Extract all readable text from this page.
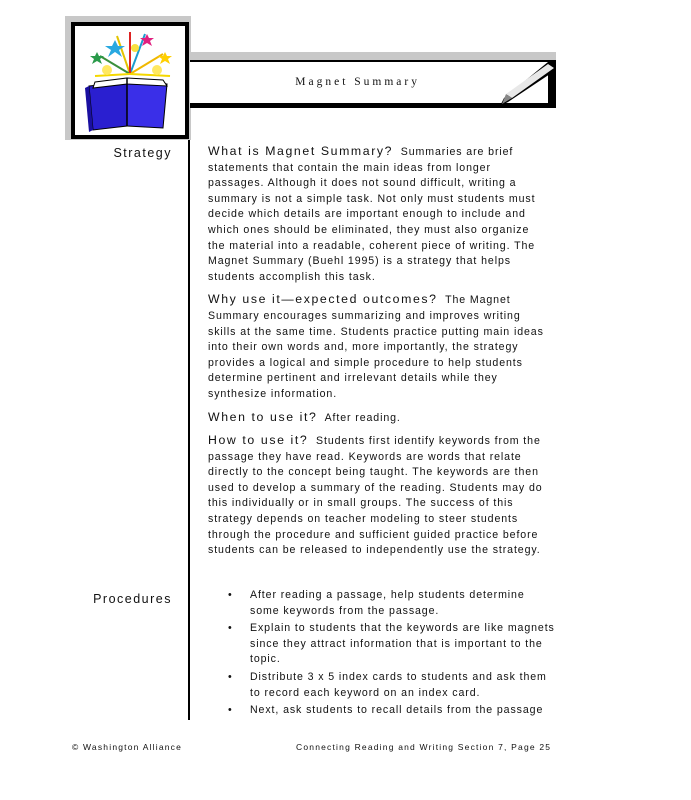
Magnet Summary
Strategy
Procedures

What is Magnet Summary? Summaries are brief statements that contain the main ideas from longer passages. Although it does not sound difficult, writing a summary is not a simple task. Not only must students must decide which details are important enough to include and which ones should be eliminated, they must also organize the material into a readable, coherent piece of writing. The Magnet Summary (Buehl 1995) is a strategy that helps students accomplish this task.

Why use it—expected outcomes? The Magnet Summary encourages summarizing and improves writing skills at the same time. Students practice putting main ideas into their own words and, more importantly, the strategy provides a logical and simple procedure to help students determine pertinent and irrelevant details while they synthesize information.

When to use it? After reading.

How to use it? Students first identify keywords from the passage they have read. Keywords are words that relate directly to the concept being taught. The keywords are then used to develop a summary of the reading. Students may do this individually or in small groups. The success of this strategy depends on teacher modeling to steer students through the procedure and sufficient guided practice before students can be released to independently use the strategy.

• After reading a passage, help students determine some keywords from the passage.
• Explain to students that the keywords are like magnets since they attract information that is important to the topic.
• Distribute 3 x 5 index cards to students and ask them to record each keyword on an index card.
• Next, ask students to recall details from the passage
© Washington Alliance	Connecting Reading and Writing Section 7, Page 25
